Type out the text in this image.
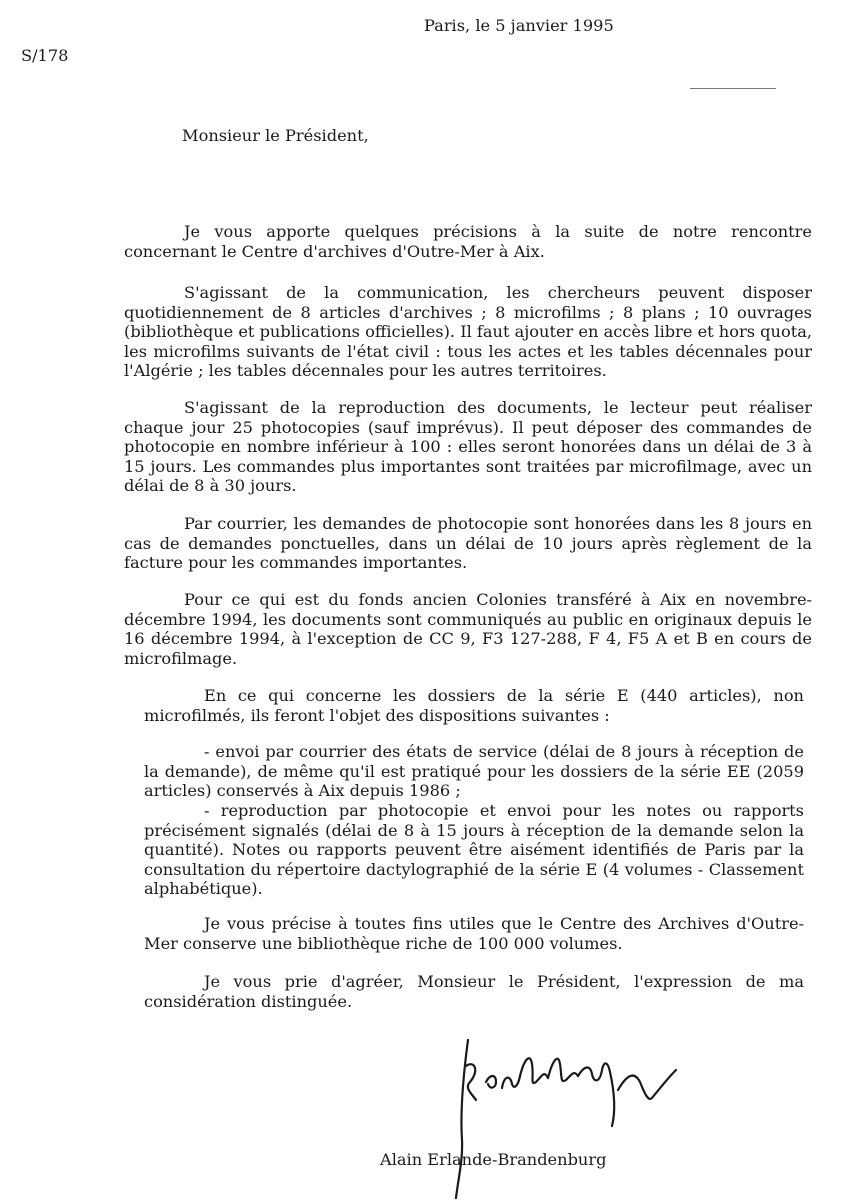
Paris, le 5 janvier 1995
S/178
Monsieur le Président,

Je vous apporte quelques précisions à la suite de notre rencontre concernant le Centre d'archives d'Outre-Mer à Aix.

S'agissant de la communication, les chercheurs peuvent disposer quotidiennement de 8 articles d'archives ; 8 microfilms ; 8 plans ; 10 ouvrages (bibliothèque et publications officielles). Il faut ajouter en accès libre et hors quota, les microfilms suivants de l'état civil : tous les actes et les tables décennales pour l'Algérie ; les tables décennales pour les autres territoires.

S'agissant de la reproduction des documents, le lecteur peut réaliser chaque jour 25 photocopies (sauf imprévus). Il peut déposer des commandes de photocopie en nombre inférieur à 100 : elles seront honorées dans un délai de 3 à 15 jours. Les commandes plus importantes sont traitées par microfilmage, avec un délai de 8 à 30 jours.

Par courrier, les demandes de photocopie sont honorées dans les 8 jours en cas de demandes ponctuelles, dans un délai de 10 jours après règlement de la facture pour les commandes importantes.

Pour ce qui est du fonds ancien Colonies transféré à Aix en novembre-décembre 1994, les documents sont communiqués au public en originaux depuis le 16 décembre 1994, à l'exception de CC 9, F3 127-288, F 4, F5 A et B en cours de microfilmage.

En ce qui concerne les dossiers de la série E (440 articles), non microfilmés, ils feront l'objet des dispositions suivantes :

- envoi par courrier des états de service (délai de 8 jours à réception de la demande), de même qu'il est pratiqué pour les dossiers de la série EE (2059 articles) conservés à Aix depuis 1986 ;

- reproduction par photocopie et envoi pour les notes ou rapports précisément signalés (délai de 8 à 15 jours à réception de la demande selon la quantité). Notes ou rapports peuvent être aisément identifiés de Paris par la consultation du répertoire dactylographié de la série E (4 volumes - Classement alphabétique).

Je vous précise à toutes fins utiles que le Centre des Archives d'Outre-Mer conserve une bibliothèque riche de 100 000 volumes.

Je vous prie d'agréer, Monsieur le Président, l'expression de ma considération distinguée.

Alain Erlande-Brandenburg
